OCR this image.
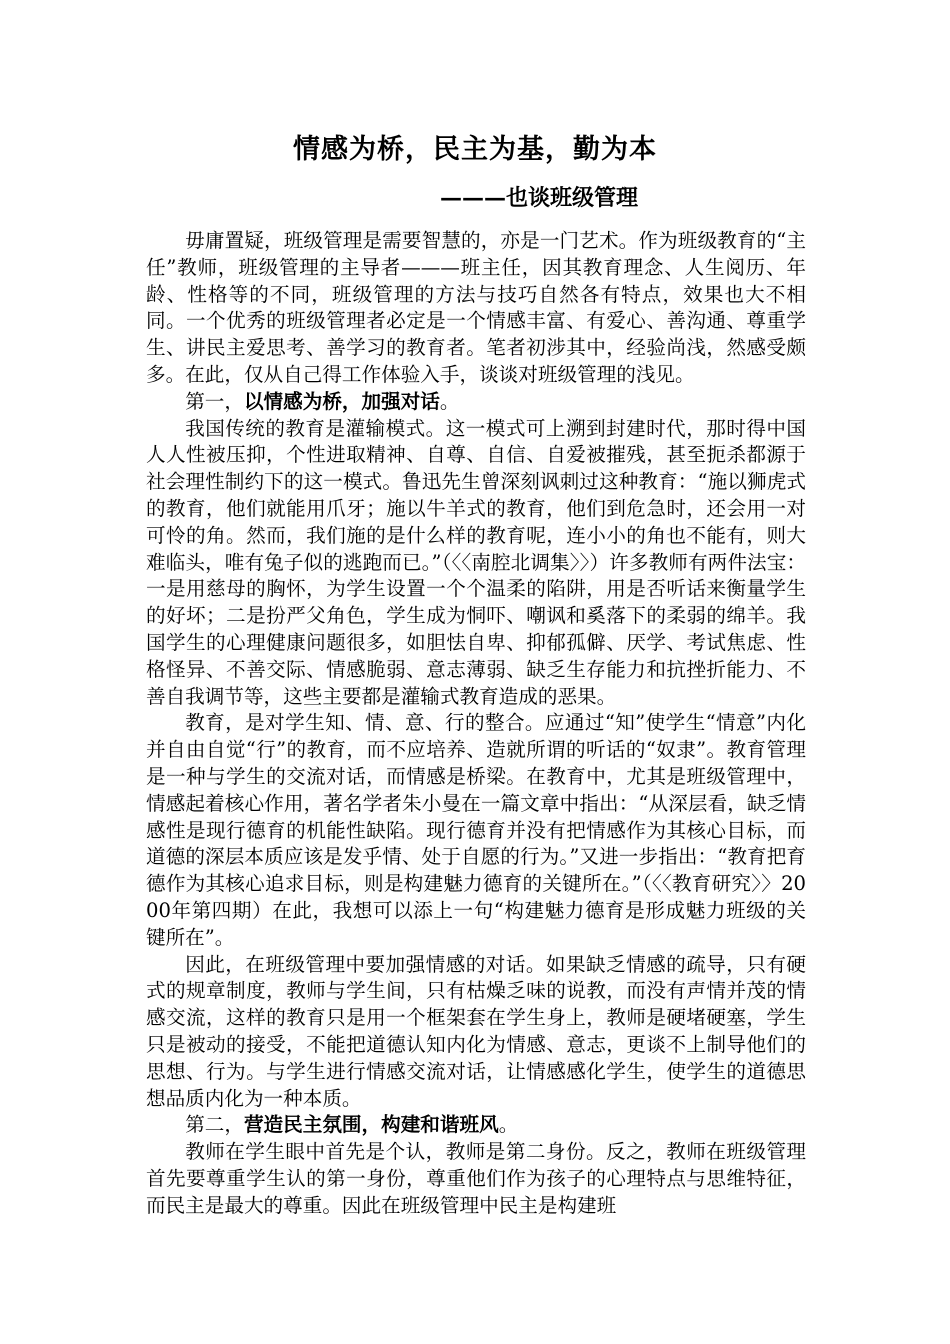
情感为桥，民主为基，勤为本
———也谈班级管理

毋庸置疑，班级管理是需要智慧的，亦是一门艺术。作为班级教育的“主任”教师，班级管理的主导者———班主任，因其教育理念、人生阅历、年龄、性格等的不同，班级管理的方法与技巧自然各有特点，效果也大不相同。一个优秀的班级管理者必定是一个情感丰富、有爱心、善沟通、尊重学生、讲民主爱思考、善学习的教育者。笔者初涉其中，经验尚浅，然感受颇多。在此，仅从自己得工作体验入手，谈谈对班级管理的浅见。

第一，以情感为桥，加强对话。

我国传统的教育是灌输模式。这一模式可上溯到封建时代，那时得中国人人性被压抑，个性进取精神、自尊、自信、自爱被摧残，甚至扼杀都源于社会理性制约下的这一模式。鲁迅先生曾深刻讽刺过这种教育：“施以狮虎式的教育，他们就能用爪牙；施以牛羊式的教育，他们到危急时，还会用一对可怜的角。然而，我们施的是什么样的教育呢，连小小的角也不能有，则大难临头，唯有兔子似的逃跑而已。”（〈〈南腔北调集〉〉）许多教师有两件法宝：一是用慈母的胸怀，为学生设置一个个温柔的陷阱，用是否听话来衡量学生的好坏；二是扮严父角色，学生成为恫吓、嘲讽和奚落下的柔弱的绵羊。我国学生的心理健康问题很多，如胆怯自卑、抑郁孤僻、厌学、考试焦虑、性格怪异、不善交际、情感脆弱、意志薄弱、缺乏生存能力和抗挫折能力、不善自我调节等，这些主要都是灌输式教育造成的恶果。

教育，是对学生知、情、意、行的整合。应通过“知”使学生“情意”内化并自由自觉“行”的教育，而不应培养、造就所谓的听话的“奴隶”。教育管理是一种与学生的交流对话，而情感是桥梁。在教育中，尤其是班级管理中，情感起着核心作用，著名学者朱小曼在一篇文章中指出：“从深层看，缺乏情感性是现行德育的机能性缺陷。现行德育并没有把情感作为其核心目标，而道德的深层本质应该是发乎情、处于自愿的行为。”又进一步指出：“教育把育德作为其核心追求目标，则是构建魅力德育的关键所在。”（〈〈教育研究〉〉2000年第四期）在此，我想可以添上一句“构建魅力德育是形成魅力班级的关键所在”。

因此，在班级管理中要加强情感的对话。如果缺乏情感的疏导，只有硬式的规章制度，教师与学生间，只有枯燥乏味的说教，而没有声情并茂的情感交流，这样的教育只是用一个框架套在学生身上，教师是硬堵硬塞，学生只是被动的接受，不能把道德认知内化为情感、意志，更谈不上制导他们的思想、行为。与学生进行情感交流对话，让情感感化学生，使学生的道德思想品质内化为一种本质。

第二，营造民主氛围，构建和谐班风。

教师在学生眼中首先是个认，教师是第二身份。反之，教师在班级管理首先要尊重学生认的第一身份，尊重他们作为孩子的心理特点与思维特征，而民主是最大的尊重。因此在班级管理中民主是构建班
